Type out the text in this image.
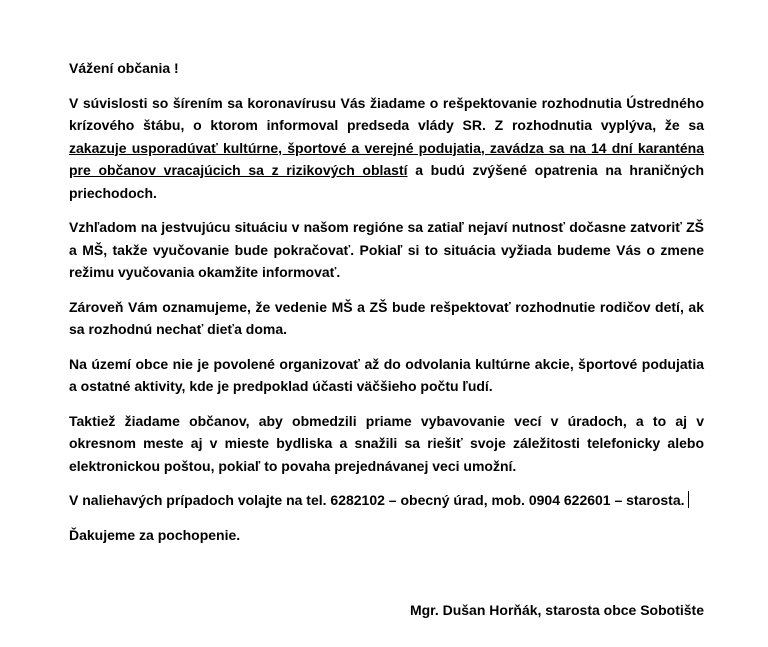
Vážení občania !

V súvislosti so šírením sa koronavírusu Vás žiadame o rešpektovanie rozhodnutia Ústredného krízového štábu, o ktorom informoval predseda vlády SR. Z rozhodnutia vyplýva, že sa zakazuje usporadúvať kultúrne, športové a verejné podujatia, zavádza sa na 14 dní karanténa pre občanov vracajúcich sa z rizikových oblastí a budú zvýšené opatrenia na hraničných priechodoch.

Vzhľadom na jestvujúcu situáciu v našom regióne sa zatiaľ nejaví nutnosť dočasne zatvoriť ZŠ a MŠ, takže vyučovanie bude pokračovať. Pokiaľ si to situácia vyžiada budeme Vás o zmene režimu vyučovania okamžite informovať.

Zároveň Vám oznamujeme, že vedenie MŠ a ZŠ bude rešpektovať rozhodnutie rodičov detí, ak sa rozhodnú nechať dieťa doma.

Na území obce nie je povolené organizovať až do odvolania kultúrne akcie, športové podujatia a ostatné aktivity, kde je predpoklad účasti väčšieho počtu ľudí.

Taktiež žiadame občanov, aby obmedzili priame vybavovanie vecí v úradoch, a to aj v okresnom meste aj v mieste bydliska a snažili sa riešiť svoje záležitosti telefonicky alebo elektronickou poštou, pokiaľ to povaha prejednávanej veci umožní.

V naliehavých prípadoch volajte na tel. 6282102 – obecný úrad, mob. 0904 622601 – starosta.

Ďakujeme za pochopenie.

Mgr. Dušan Horňák, starosta obce Sobotište
